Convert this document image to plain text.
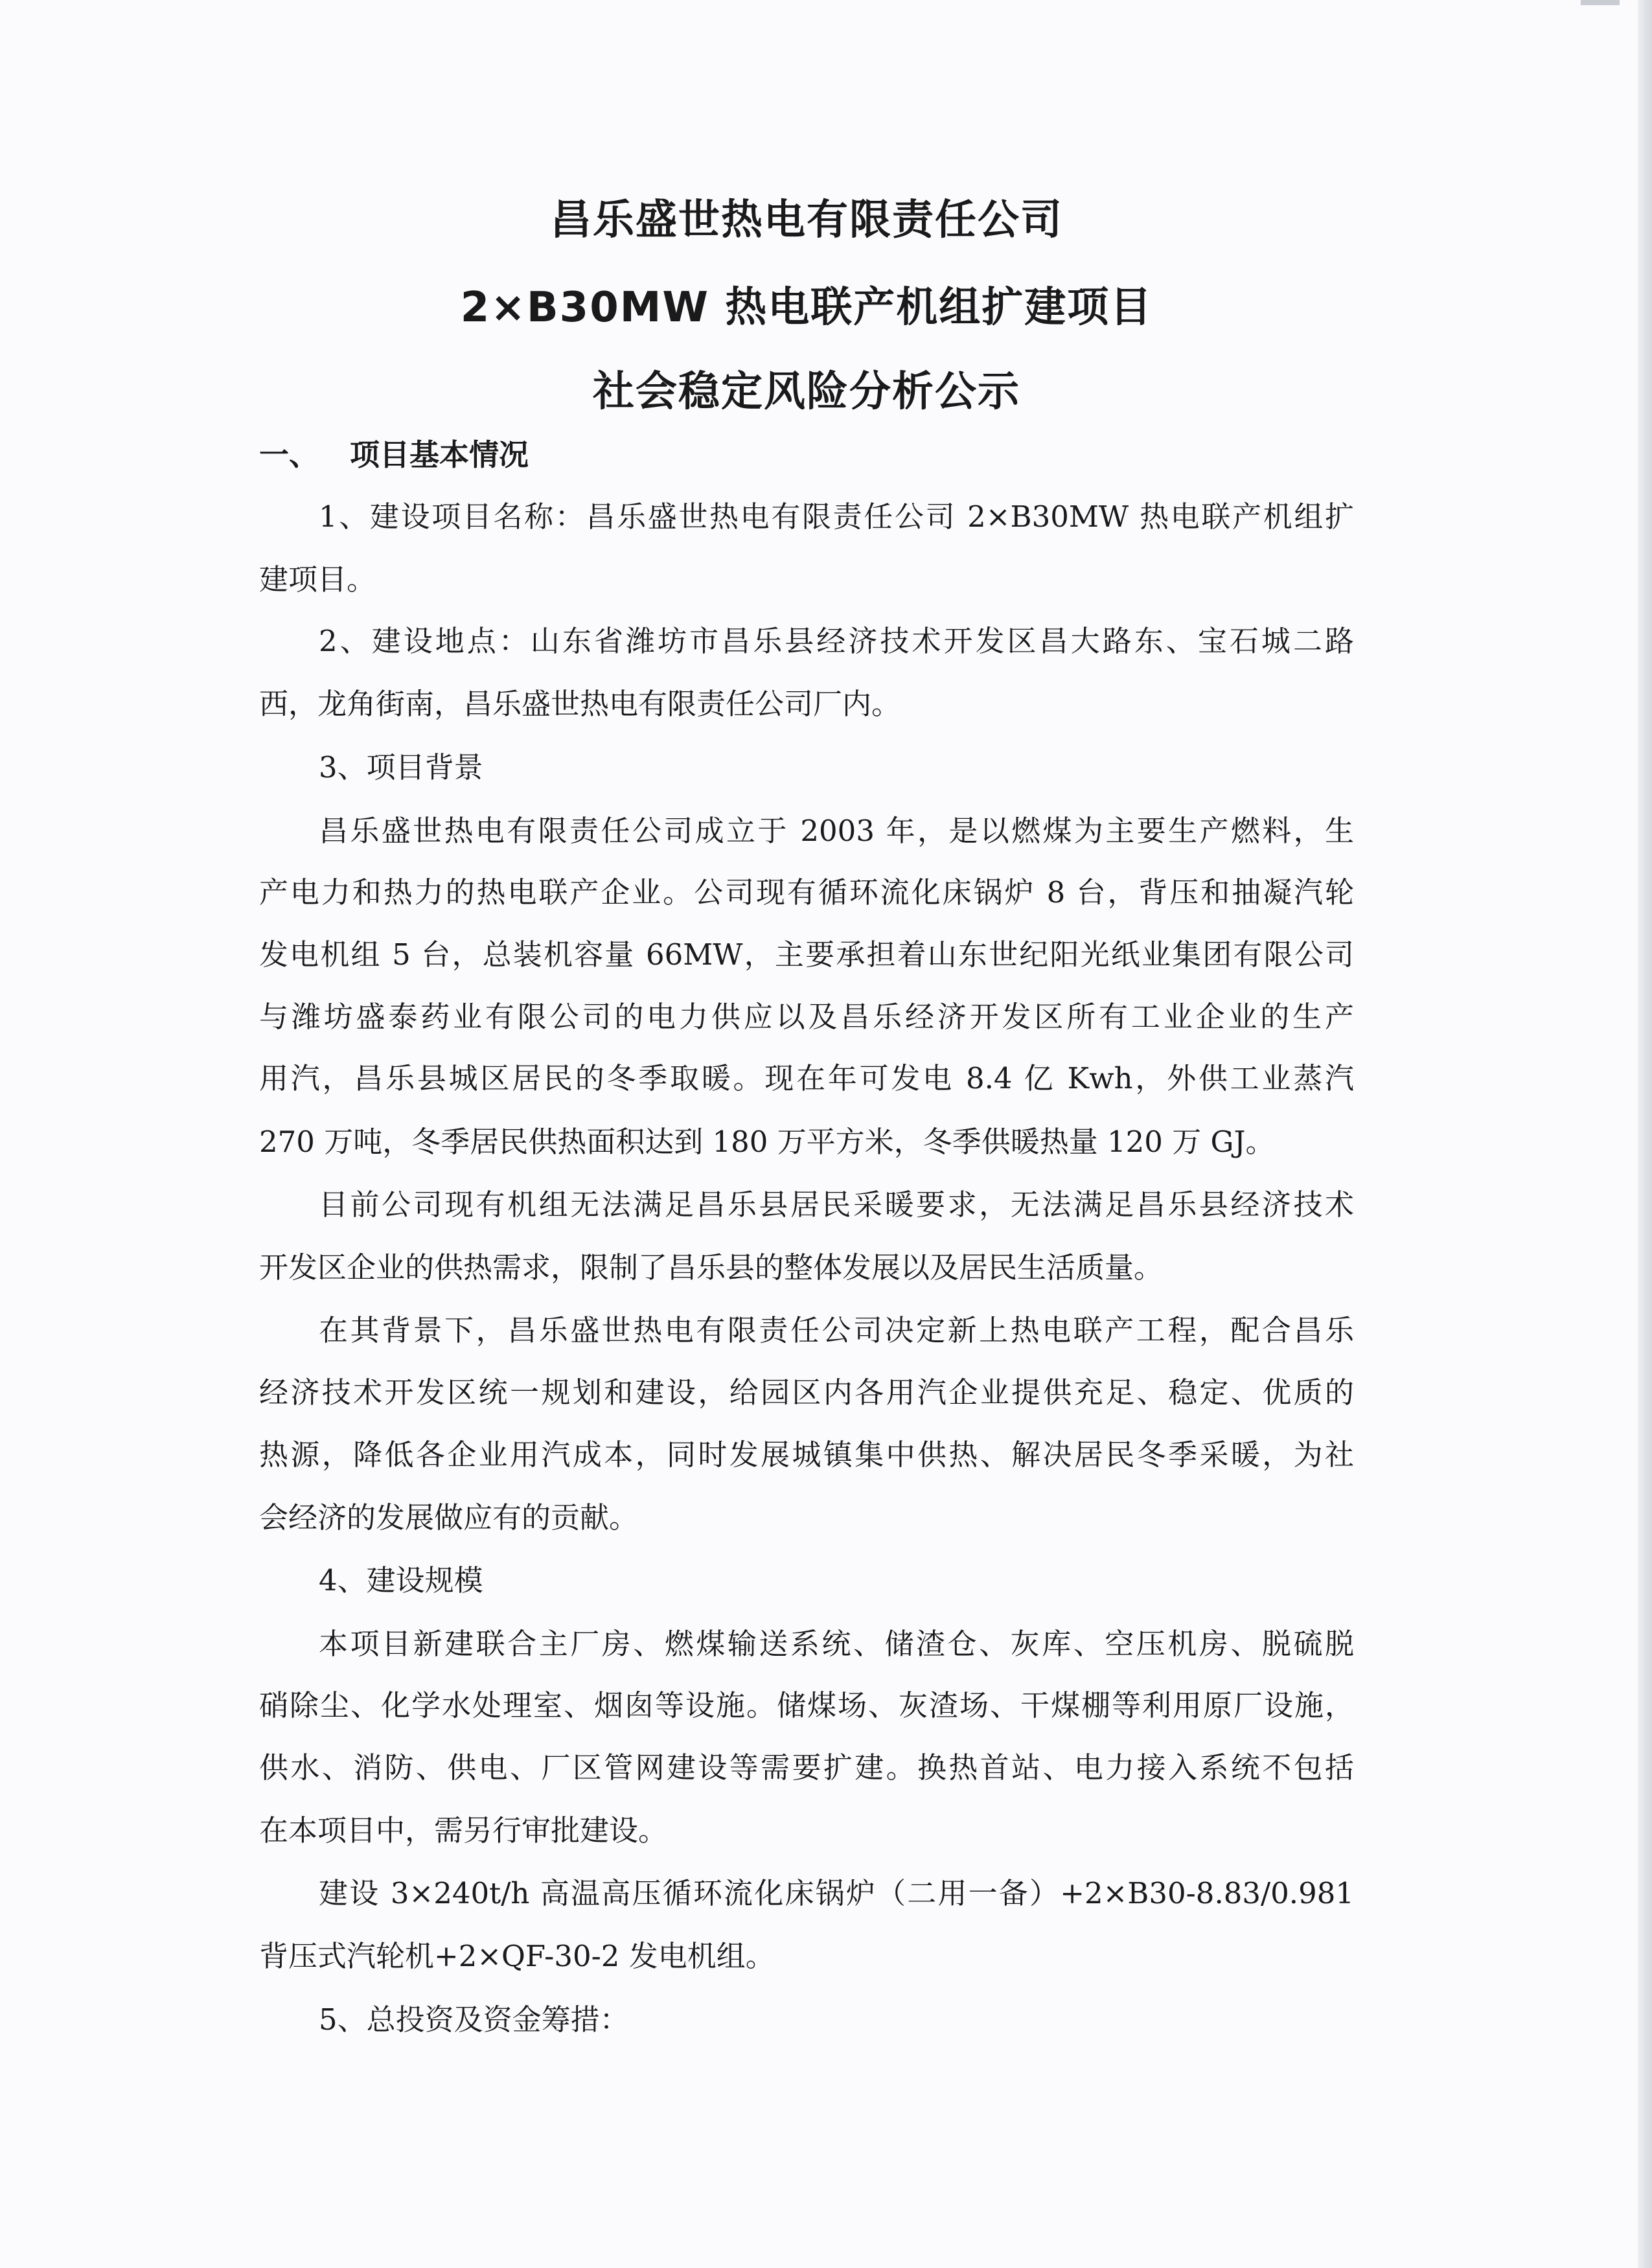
昌乐盛世热电有限责任公司
2×B30MW 热电联产机组扩建项目
社会稳定风险分析公示
一、 项目基本情况
1、建设项目名称：昌乐盛世热电有限责任公司 2×B30MW 热电联产机组扩
建项目。
2、建设地点：山东省潍坊市昌乐县经济技术开发区昌大路东、宝石城二路
西，龙角街南，昌乐盛世热电有限责任公司厂内。
3、项目背景
昌乐盛世热电有限责任公司成立于 2003 年，是以燃煤为主要生产燃料，生
产电力和热力的热电联产企业。公司现有循环流化床锅炉 8 台，背压和抽凝汽轮
发电机组 5 台，总装机容量 66MW，主要承担着山东世纪阳光纸业集团有限公司
与潍坊盛泰药业有限公司的电力供应以及昌乐经济开发区所有工业企业的生产
用汽，昌乐县城区居民的冬季取暖。现在年可发电 8.4 亿 Kwh，外供工业蒸汽
270 万吨，冬季居民供热面积达到 180 万平方米，冬季供暖热量 120 万 GJ。
目前公司现有机组无法满足昌乐县居民采暖要求，无法满足昌乐县经济技术
开发区企业的供热需求，限制了昌乐县的整体发展以及居民生活质量。
在其背景下，昌乐盛世热电有限责任公司决定新上热电联产工程，配合昌乐
经济技术开发区统一规划和建设，给园区内各用汽企业提供充足、稳定、优质的
热源，降低各企业用汽成本，同时发展城镇集中供热、解决居民冬季采暖，为社
会经济的发展做应有的贡献。
4、建设规模
本项目新建联合主厂房、燃煤输送系统、储渣仓、灰库、空压机房、脱硫脱
硝除尘、化学水处理室、烟囱等设施。储煤场、灰渣场、干煤棚等利用原厂设施，
供水、消防、供电、厂区管网建设等需要扩建。换热首站、电力接入系统不包括
在本项目中，需另行审批建设。
建设 3×240t/h 高温高压循环流化床锅炉（二用一备）+2×B30-8.83/0.981
背压式汽轮机+2×QF-30-2 发电机组。
5、总投资及资金筹措：
